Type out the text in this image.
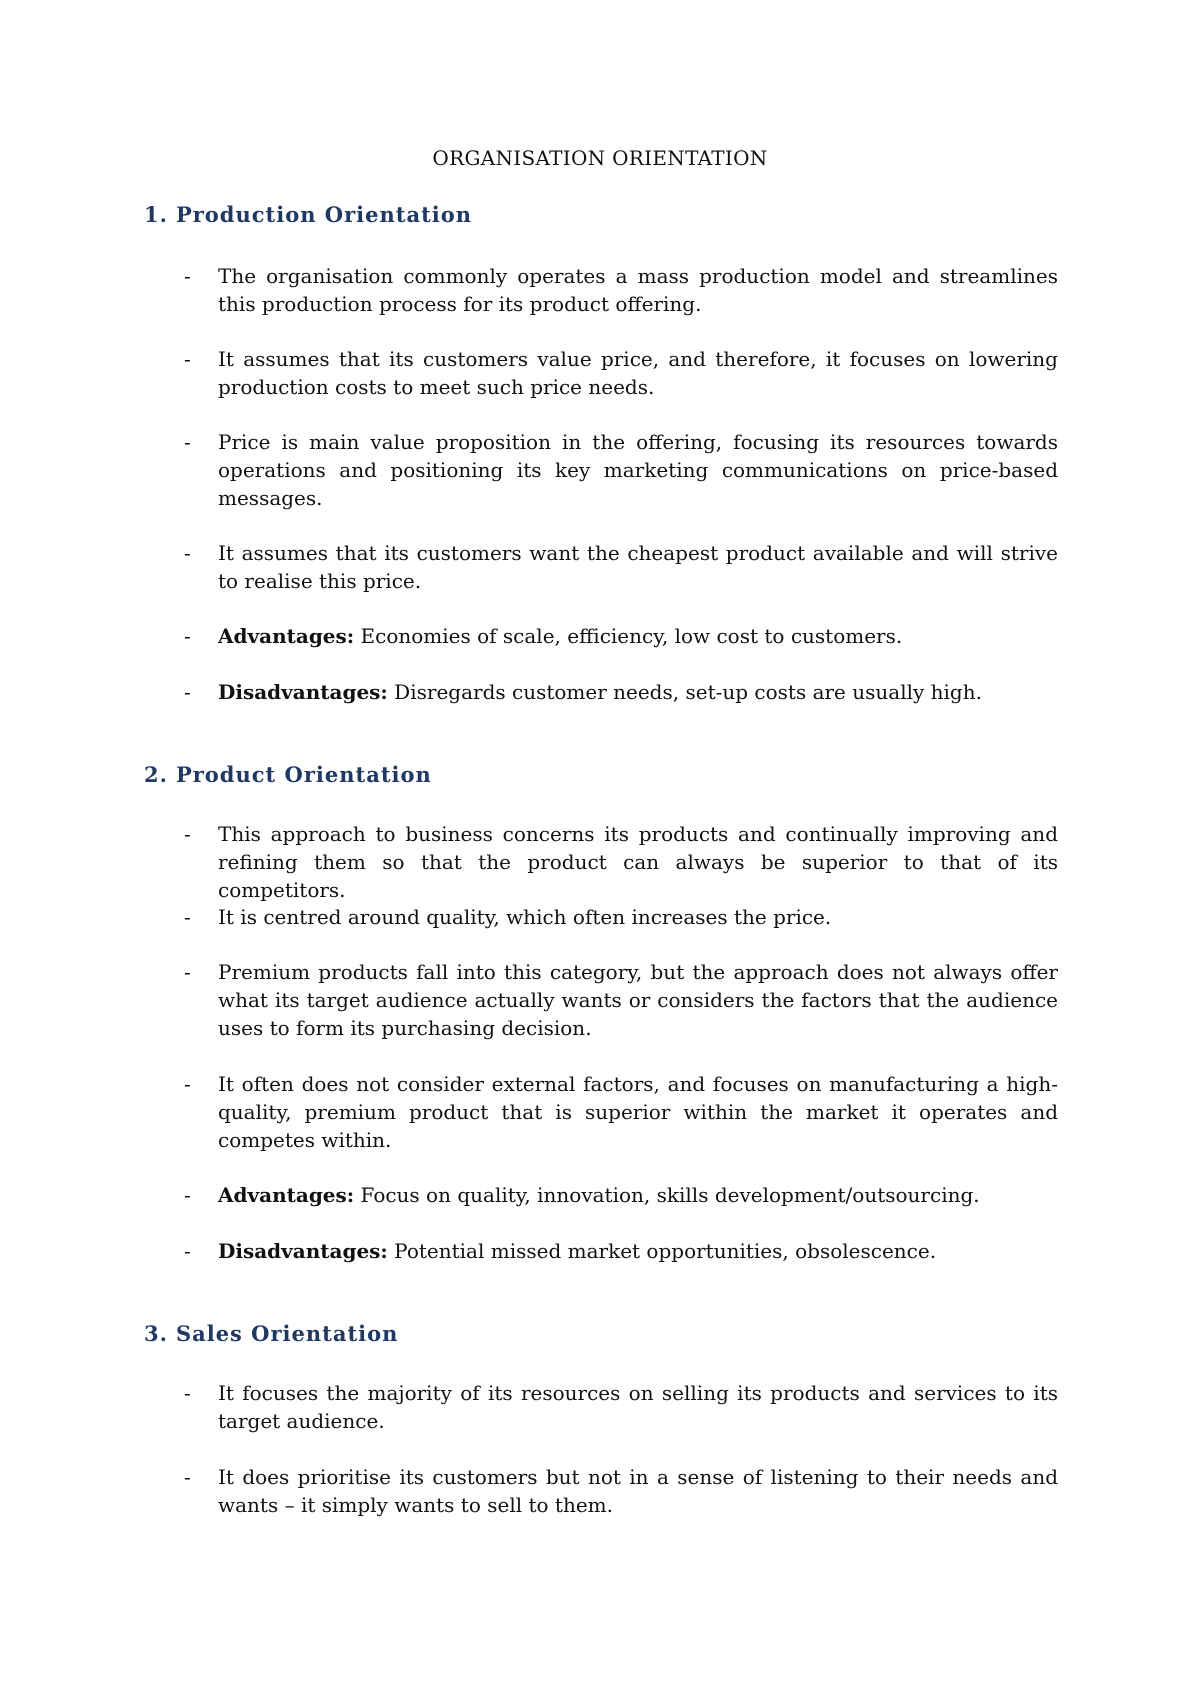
ORGANISATION ORIENTATION
1. Production Orientation
- The organisation commonly operates a mass production model and streamlines this production process for its product offering.

- It assumes that its customers value price, and therefore, it focuses on lowering production costs to meet such price needs.

- Price is main value proposition in the offering, focusing its resources towards operations and positioning its key marketing communications on price-based messages.

- It assumes that its customers want the cheapest product available and will strive to realise this price.

- Advantages: Economies of scale, efficiency, low cost to customers.

- Disadvantages: Disregards customer needs, set-up costs are usually high.

2. Product Orientation
- This approach to business concerns its products and continually improving and refining them so that the product can always be superior to that of its competitors.

- It is centred around quality, which often increases the price.

- Premium products fall into this category, but the approach does not always offer what its target audience actually wants or considers the factors that the audience uses to form its purchasing decision.

- It often does not consider external factors, and focuses on manufacturing a high-quality, premium product that is superior within the market it operates and competes within.

- Advantages: Focus on quality, innovation, skills development/outsourcing.

- Disadvantages: Potential missed market opportunities, obsolescence.

3. Sales Orientation
- It focuses the majority of its resources on selling its products and services to its target audience.

- It does prioritise its customers but not in a sense of listening to their needs and wants – it simply wants to sell to them.
